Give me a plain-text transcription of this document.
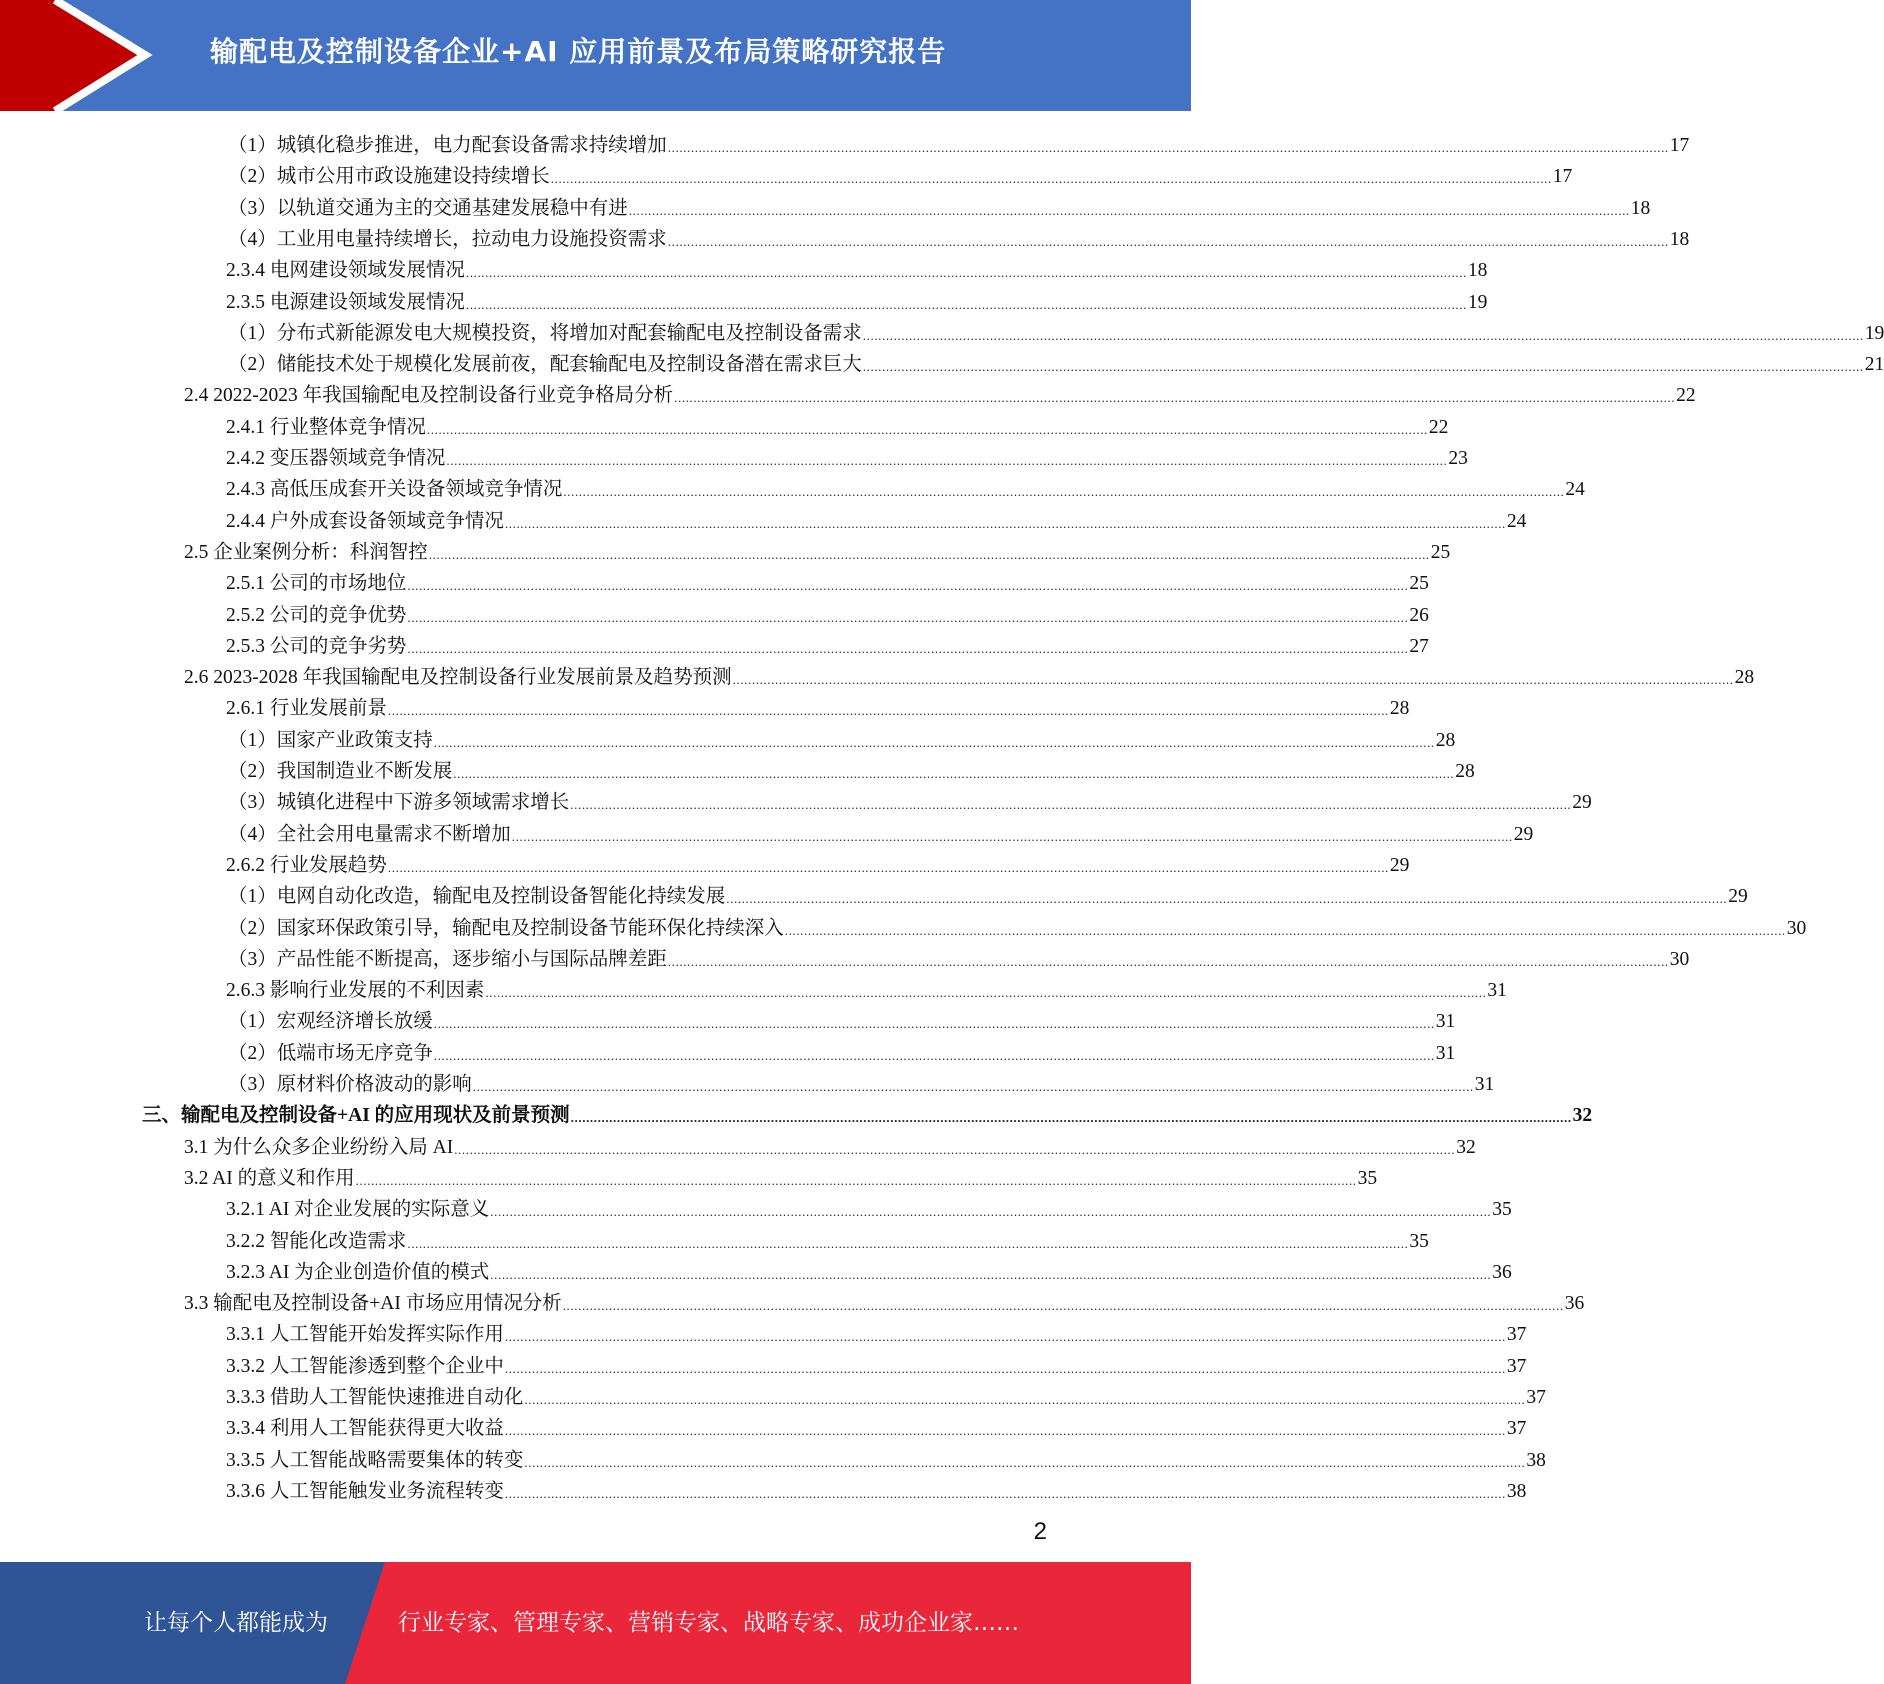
输配电及控制设备企业+AI 应用前景及布局策略研究报告
（1）城镇化稳步推进，电力配套设备需求持续增加 .................................................................................................................................................................................................................................................................... 17
（2）城市公用市政设施建设持续增长 .................................................................................................................................................................................................................................................................... 17
（3）以轨道交通为主的交通基建发展稳中有进 .................................................................................................................................................................................................................................................................... 18
（4）工业用电量持续增长，拉动电力设施投资需求 .................................................................................................................................................................................................................................................................... 18
2.3.4 电网建设领域发展情况 .................................................................................................................................................................................................................................................................... 18
2.3.5 电源建设领域发展情况 .................................................................................................................................................................................................................................................................... 19
（1）分布式新能源发电大规模投资，将增加对配套输配电及控制设备需求 .................................................................................................................................................................................................................................................................... 19
（2）储能技术处于规模化发展前夜，配套输配电及控制设备潜在需求巨大 .................................................................................................................................................................................................................................................................... 21
2.4 2022-2023 年我国输配电及控制设备行业竞争格局分析 .................................................................................................................................................................................................................................................................... 22
2.4.1 行业整体竞争情况 .................................................................................................................................................................................................................................................................... 22
2.4.2 变压器领域竞争情况 .................................................................................................................................................................................................................................................................... 23
2.4.3 高低压成套开关设备领域竞争情况 .................................................................................................................................................................................................................................................................... 24
2.4.4 户外成套设备领域竞争情况 .................................................................................................................................................................................................................................................................... 24
2.5 企业案例分析：科润智控 .................................................................................................................................................................................................................................................................... 25
2.5.1 公司的市场地位 .................................................................................................................................................................................................................................................................... 25
2.5.2 公司的竞争优势 .................................................................................................................................................................................................................................................................... 26
2.5.3 公司的竞争劣势 .................................................................................................................................................................................................................................................................... 27
2.6 2023-2028 年我国输配电及控制设备行业发展前景及趋势预测 .................................................................................................................................................................................................................................................................... 28
2.6.1 行业发展前景 .................................................................................................................................................................................................................................................................... 28
（1）国家产业政策支持 .................................................................................................................................................................................................................................................................... 28
（2）我国制造业不断发展 .................................................................................................................................................................................................................................................................... 28
（3）城镇化进程中下游多领域需求增长 .................................................................................................................................................................................................................................................................... 29
（4）全社会用电量需求不断增加 .................................................................................................................................................................................................................................................................... 29
2.6.2 行业发展趋势 .................................................................................................................................................................................................................................................................... 29
（1）电网自动化改造，输配电及控制设备智能化持续发展 .................................................................................................................................................................................................................................................................... 29
（2）国家环保政策引导，输配电及控制设备节能环保化持续深入 .................................................................................................................................................................................................................................................................... 30
（3）产品性能不断提高，逐步缩小与国际品牌差距 .................................................................................................................................................................................................................................................................... 30
2.6.3 影响行业发展的不利因素 .................................................................................................................................................................................................................................................................... 31
（1）宏观经济增长放缓 .................................................................................................................................................................................................................................................................... 31
（2）低端市场无序竞争 .................................................................................................................................................................................................................................................................... 31
（3）原材料价格波动的影响 .................................................................................................................................................................................................................................................................... 31
三、输配电及控制设备+AI 的应用现状及前景预测 .................................................................................................................................................................................................................................................................... 32
3.1 为什么众多企业纷纷入局 AI .................................................................................................................................................................................................................................................................... 32
3.2 AI 的意义和作用 .................................................................................................................................................................................................................................................................... 35
3.2.1 AI 对企业发展的实际意义 .................................................................................................................................................................................................................................................................... 35
3.2.2 智能化改造需求 .................................................................................................................................................................................................................................................................... 35
3.2.3 AI 为企业创造价值的模式 .................................................................................................................................................................................................................................................................... 36
3.3 输配电及控制设备+AI 市场应用情况分析 .................................................................................................................................................................................................................................................................... 36
3.3.1 人工智能开始发挥实际作用 .................................................................................................................................................................................................................................................................... 37
3.3.2 人工智能渗透到整个企业中 .................................................................................................................................................................................................................................................................... 37
3.3.3 借助人工智能快速推进自动化 .................................................................................................................................................................................................................................................................... 37
3.3.4 利用人工智能获得更大收益 .................................................................................................................................................................................................................................................................... 37
3.3.5 人工智能战略需要集体的转变 .................................................................................................................................................................................................................................................................... 38
3.3.6 人工智能触发业务流程转变 .................................................................................................................................................................................................................................................................... 38
2
让每个人都能成为	行业专家、管理专家、营销专家、战略专家、成功企业家……
